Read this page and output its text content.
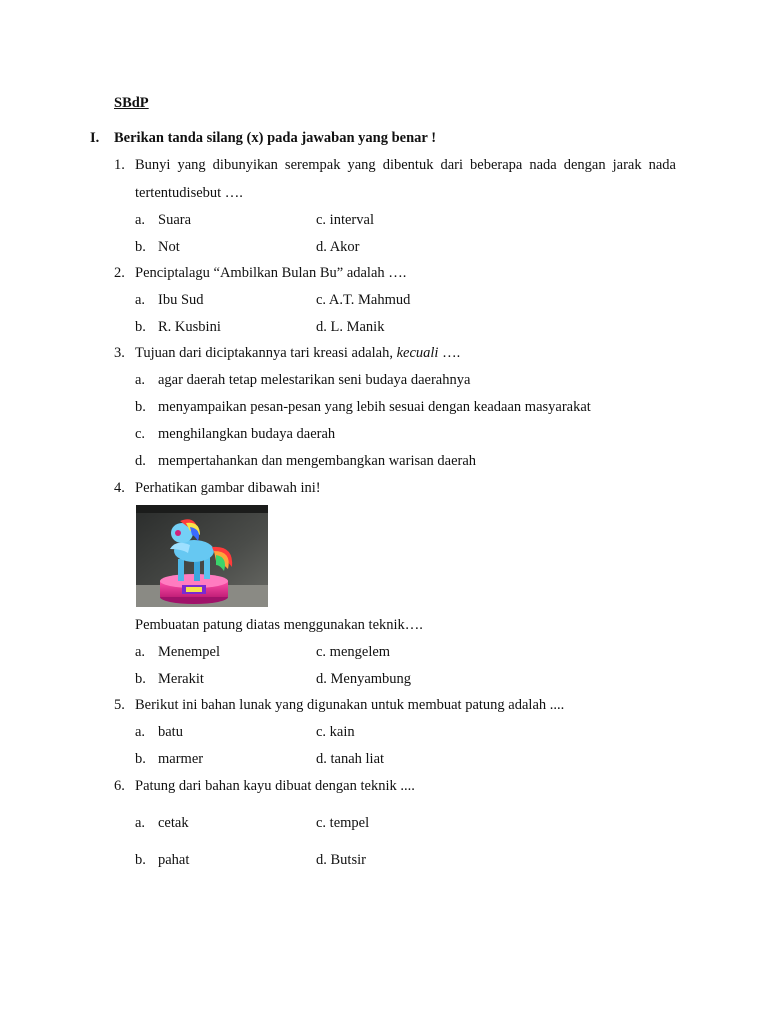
SBdP
I. Berikan tanda silang (x) pada jawaban yang benar !
1. Bunyi yang dibunyikan serempak yang dibentuk dari beberapa nada dengan jarak nada
tertentudisebut ….
a. Suara	c. interval
b. Not	d. Akor
2. Penciptalagu “Ambilkan Bulan Bu” adalah ….
a. Ibu Sud	c. A.T. Mahmud
b. R. Kusbini	d. L. Manik
3. Tujuan dari diciptakannya tari kreasi adalah, kecuali ….
a. agar daerah tetap melestarikan seni budaya daerahnya
b. menyampaikan pesan-pesan yang lebih sesuai dengan keadaan masyarakat
c. menghilangkan budaya daerah
d. mempertahankan dan mengembangkan warisan daerah
4. Perhatikan gambar dibawah ini!
Pembuatan patung diatas menggunakan teknik….
a. Menempel	c. mengelem
b. Merakit	d. Menyambung
5. Berikut ini bahan lunak yang digunakan untuk membuat patung adalah ....
a. batu	c. kain
b. marmer	d. tanah liat
6. Patung dari bahan kayu dibuat dengan teknik ....
a. cetak	c. tempel
b. pahat	d. Butsir
